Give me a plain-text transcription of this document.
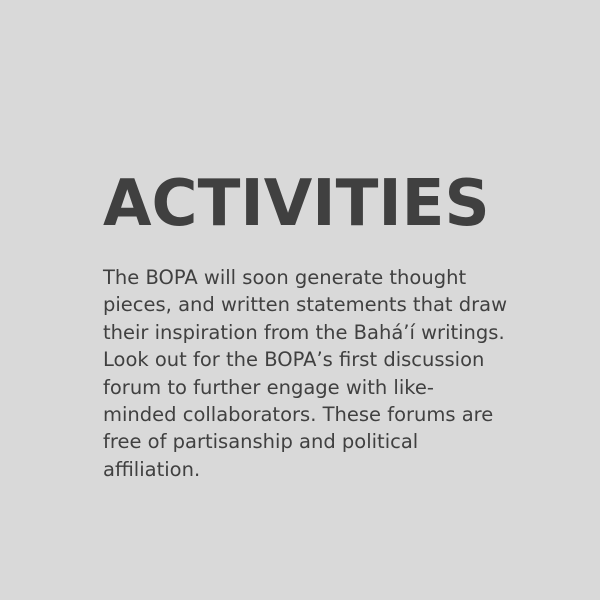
ACTIVITIES

The BOPA will soon generate thought
pieces, and written statements that draw
their inspiration from the Bahá’í writings.
Look out for the BOPA’s first discussion
forum to further engage with like-
minded collaborators. These forums are
free of partisanship and political
affiliation.
